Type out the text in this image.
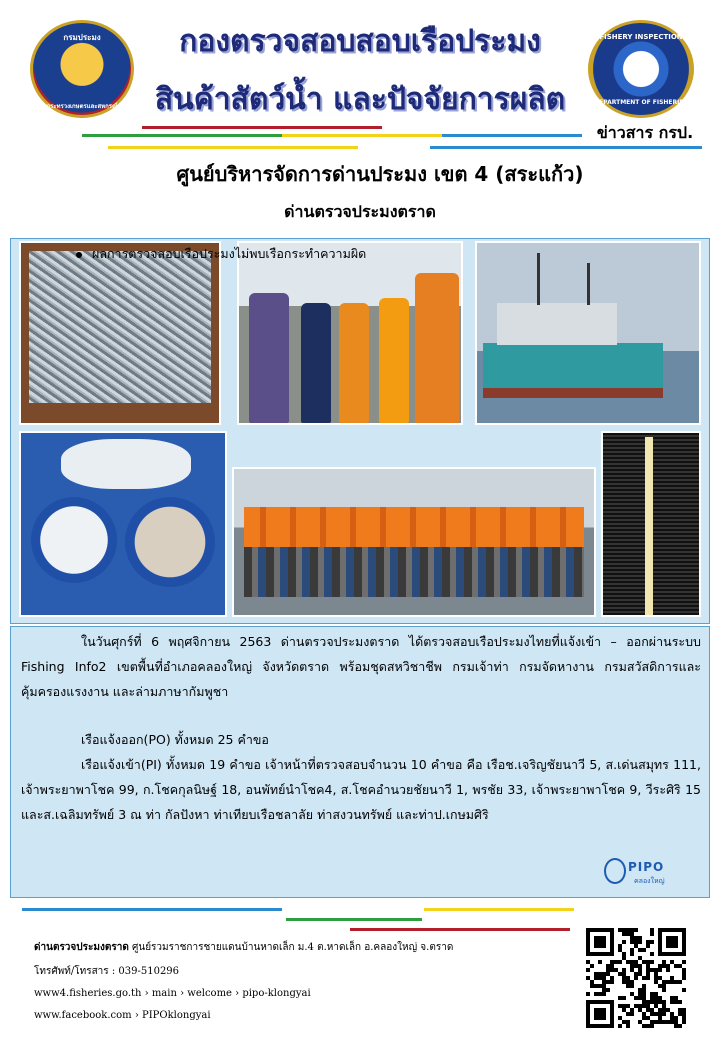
กรมประมง
กระทรวงเกษตรและสหกรณ์
FISHERY INSPECTION
DEPARTMENT OF FISHERIES
กองตรวจสอบสอบเรือประมง
สินค้าสัตว์น้ำ และปัจจัยการผลิต
ข่าวสาร กรป.
ศูนย์บริหารจัดการด่านประมง เขต 4 (สระแก้ว)
ด่านตรวจประมงตราด
ในวันศุกร์ที่ 6 พฤศจิกายน 2563 ด่านตรวจประมงตราด ได้ตรวจสอบเรือประมงไทยที่แจ้งเข้า – ออกผ่านระบบ Fishing Info2 เขตพื้นที่อำเภอคลองใหญ่ จังหวัดตราด พร้อมชุดสหวิชาชีพ กรมเจ้าท่า กรมจัดหางาน กรมสวัสดิการและคุ้มครองแรงงาน และล่ามภาษากัมพูชา
เรือแจ้งออก(PO) ทั้งหมด 25 คำขอ
เรือแจ้งเข้า(PI) ทั้งหมด 19 คำขอ เจ้าหน้าที่ตรวจสอบจำนวน 10 คำขอ คือ เรือช.เจริญชัยนาวี 5, ส.เด่นสมุทร 111, เจ้าพระยาพาโชค 99, ก.โชคกุลนิษฐ์ 18, อนพัทย์นำโชค4, ส.โชคอำนวยชัยนาวี 1, พรชัย 33, เจ้าพระยาพาโชค 9, วีระศิริ 15 และส.เฉลิมทรัพย์ 3 ณ ท่า กัลปังหา ท่าเทียบเรือชลาลัย ท่าสงวนทรัพย์ และท่าป.เกษมศิริ
ผลการตรวจสอบเรือประมงไม่พบเรือกระทำความผิด
PIPO
คลองใหญ่
ด่านตรวจประมงตราด ศูนย์รวมราชการชายแดนบ้านหาดเล็ก ม.4 ต.หาดเล็ก อ.คลองใหญ่ จ.ตราด
โทรศัพท์/โทรสาร : 039-510296
www4.fisheries.go.th › main › welcome › pipo-klongyai
www.facebook.com › PIPOklongyai
